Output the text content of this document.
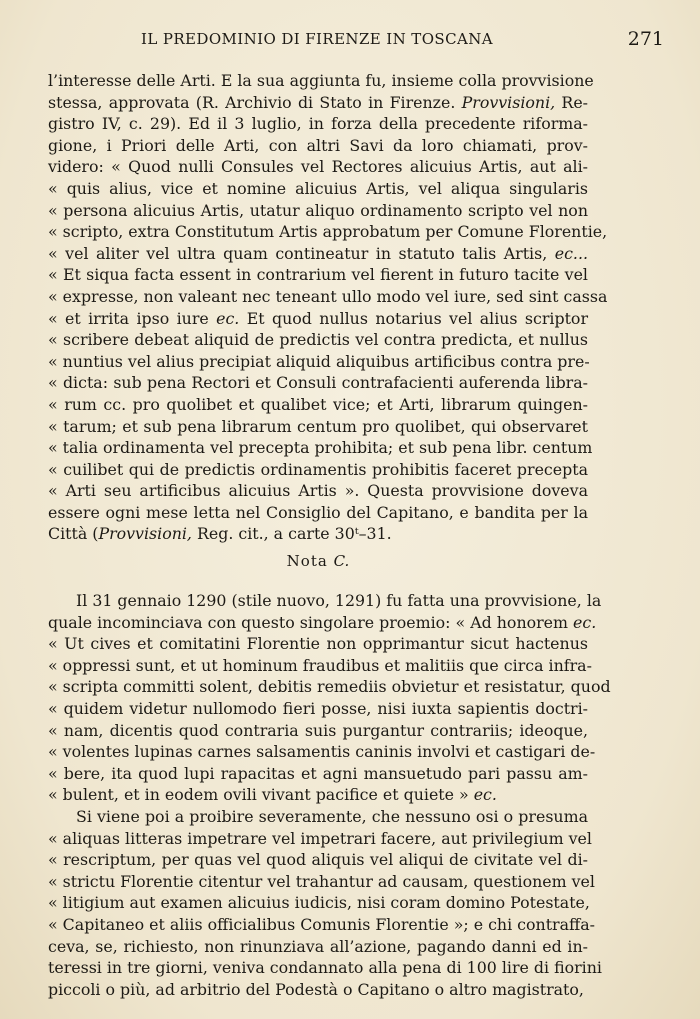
IL PREDOMINIO DI FIRENZE IN TOSCANA	271
l’interesse delle Arti. E la sua aggiunta fu, insieme colla provvisione
stessa, approvata (R. Archivio di Stato in Firenze. Provvisioni, Re-
gistro IV, c. 29). Ed il 3 luglio, in forza della precedente riforma-
gione, i Priori delle Arti, con altri Savi da loro chiamati, prov-
videro: « Quod nulli Consules vel Rectores alicuius Artis, aut ali-
« quis alius, vice et nomine alicuius Artis, vel aliqua singularis
« persona alicuius Artis, utatur aliquo ordinamento scripto vel non
« scripto, extra Constitutum Artis approbatum per Comune Florentie,
« vel aliter vel ultra quam contineatur in statuto talis Artis, ec...
« Et siqua facta essent in contrarium vel fierent in futuro tacite vel
« expresse, non valeant nec teneant ullo modo vel iure, sed sint cassa
« et irrita ipso iure ec. Et quod nullus notarius vel alius scriptor
« scribere debeat aliquid de predictis vel contra predicta, et nullus
« nuntius vel alius precipiat aliquid aliquibus artificibus contra pre-
« dicta: sub pena Rectori et Consuli contrafacienti auferenda libra-
« rum cc. pro quolibet et qualibet vice; et Arti, librarum quingen-
« tarum; et sub pena librarum centum pro quolibet, qui observaret
« talia ordinamenta vel precepta prohibita; et sub pena libr. centum
« cuilibet qui de predictis ordinamentis prohibitis faceret precepta
« Arti seu artificibus alicuius Artis ». Questa provvisione doveva
essere ogni mese letta nel Consiglio del Capitano, e bandita per la
Città (Provvisioni, Reg. cit., a carte 30ᵗ–31.
Nota C.
Il 31 gennaio 1290 (stile nuovo, 1291) fu fatta una provvisione, la
quale incominciava con questo singolare proemio: « Ad honorem ec.
« Ut cives et comitatini Florentie non opprimantur sicut hactenus
« oppressi sunt, et ut hominum fraudibus et malitiis que circa infra-
« scripta committi solent, debitis remediis obvietur et resistatur, quod
« quidem videtur nullomodo fieri posse, nisi iuxta sapientis doctri-
« nam, dicentis quod contraria suis purgantur contrariis; ideoque,
« volentes lupinas carnes salsamentis caninis involvi et castigari de-
« bere, ita quod lupi rapacitas et agni mansuetudo pari passu am-
« bulent, et in eodem ovili vivant pacifice et quiete » ec.
Si viene poi a proibire severamente, che nessuno osi o presuma
« aliquas litteras impetrare vel impetrari facere, aut privilegium vel
« rescriptum, per quas vel quod aliquis vel aliqui de civitate vel di-
« strictu Florentie citentur vel trahantur ad causam, questionem vel
« litigium aut examen alicuius iudicis, nisi coram domino Potestate,
« Capitaneo et aliis officialibus Comunis Florentie »; e chi contraffa-
ceva, se, richiesto, non rinunziava all’azione, pagando danni ed in-
teressi in tre giorni, veniva condannato alla pena di 100 lire di fiorini
piccoli o più, ad arbitrio del Podestà o Capitano o altro magistrato,
